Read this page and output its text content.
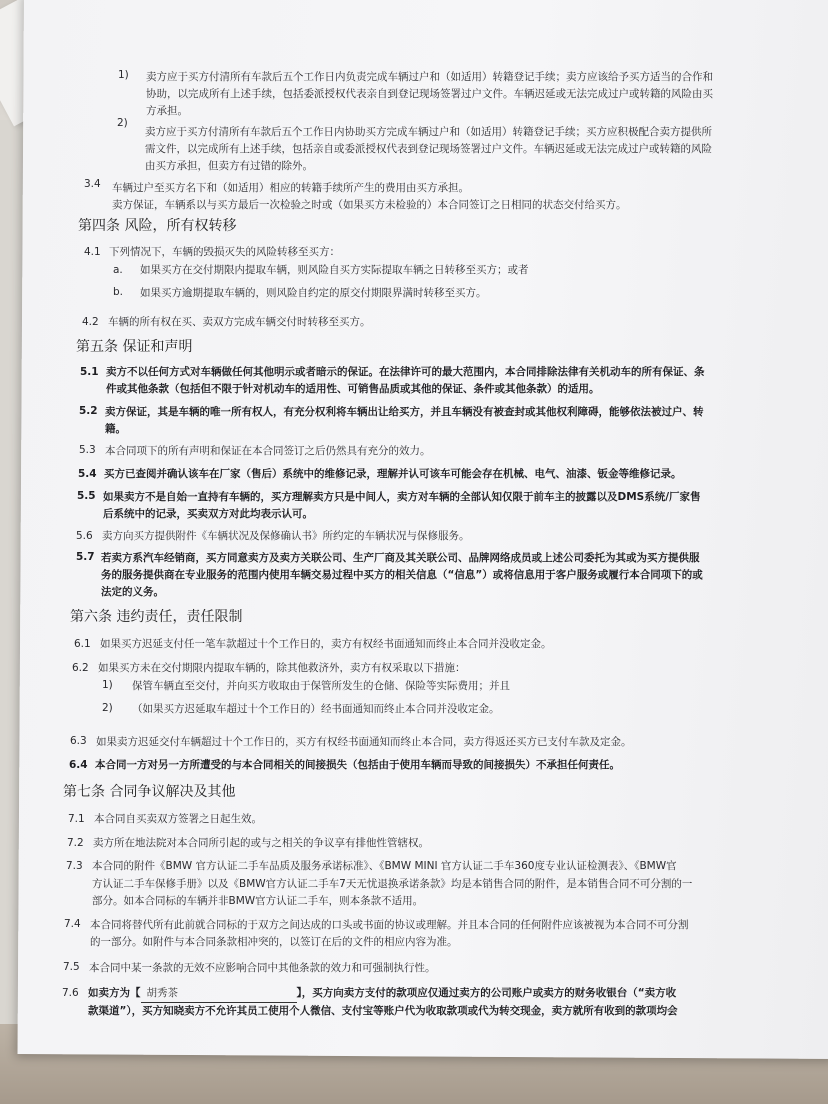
1) 卖方应于买方付清所有车款后五个工作日内负责完成车辆过户和（如适用）转籍登记手续；卖方应该给予买方适当的合作和
协助，以完成所有上述手续，包括委派授权代表亲自到登记现场签署过户文件。车辆迟延或无法完成过户或转籍的风险由买
方承担。
2)
卖方应于买方付清所有车款后五个工作日内协助买方完成车辆过户和（如适用）转籍登记手续；买方应积极配合卖方提供所
需文件，以完成所有上述手续，包括亲自或委派授权代表到登记现场签署过户文件。车辆迟延或无法完成过户或转籍的风险
由买方承担，但卖方有过错的除外。
3.4 车辆过户至买方名下和（如适用）相应的转籍手续所产生的费用由买方承担。
卖方保证，车辆系以与买方最后一次检验之时或（如果买方未检验的）本合同签订之日相同的状态交付给买方。
第四条 风险，所有权转移
4.1 下列情况下，车辆的毁损灭失的风险转移至买方：
a. 如果买方在交付期限内提取车辆，则风险自买方实际提取车辆之日转移至买方；或者
b. 如果买方逾期提取车辆的，则风险自约定的原交付期限界满时转移至买方。
4.2 车辆的所有权在买、卖双方完成车辆交付时转移至买方。
第五条 保证和声明
5.1 卖方不以任何方式对车辆做任何其他明示或者暗示的保证。在法律许可的最大范围内，本合同排除法律有关机动车的所有保证、条
件或其他条款（包括但不限于针对机动车的适用性、可销售品质或其他的保证、条件或其他条款）的适用。
5.2 卖方保证，其是车辆的唯一所有权人，有充分权利将车辆出让给买方，并且车辆没有被查封或其他权利障碍，能够依法被过户、转
籍。
5.3 本合同项下的所有声明和保证在本合同签订之后仍然具有充分的效力。
5.4 买方已查阅并确认该车在厂家（售后）系统中的维修记录，理解并认可该车可能会存在机械、电气、油漆、钣金等维修记录。
5.5 如果卖方不是自始一直持有车辆的，买方理解卖方只是中间人，卖方对车辆的全部认知仅限于前车主的披露以及DMS系统/厂家售
后系统中的记录，买卖双方对此均表示认可。
5.6 卖方向买方提供附件《车辆状况及保修确认书》所约定的车辆状况与保修服务。
5.7 若卖方系汽车经销商，买方同意卖方及卖方关联公司、生产厂商及其关联公司、品牌网络成员或上述公司委托为其或为买方提供服
务的服务提供商在专业服务的范围内使用车辆交易过程中买方的相关信息（“信息”）或将信息用于客户服务或履行本合同项下的或
法定的义务。
第六条 违约责任，责任限制
6.1 如果买方迟延支付任一笔车款超过十个工作日的，卖方有权经书面通知而终止本合同并没收定金。
6.2 如果买方未在交付期限内提取车辆的，除其他救济外，卖方有权采取以下措施：
1) 保管车辆直至交付，并向买方收取由于保管所发生的仓储、保险等实际费用；并且
2) （如果买方迟延取车超过十个工作日的）经书面通知而终止本合同并没收定金。
6.3 如果卖方迟延交付车辆超过十个工作日的，买方有权经书面通知而终止本合同，卖方得返还买方已支付车款及定金。
6.4 本合同一方对另一方所遭受的与本合同相关的间接损失（包括由于使用车辆而导致的间接损失）不承担任何责任。
第七条 合同争议解决及其他
7.1 本合同自买卖双方签署之日起生效。
7.2 卖方所在地法院对本合同所引起的或与之相关的争议享有排他性管辖权。
7.3 本合同的附件《BMW 官方认证二手车品质及服务承诺标准》、《BMW MINI 官方认证二手车360度专业认证检测表》、《BMW官
方认证二手车保修手册》以及《BMW官方认证二手车7天无忧退换承诺条款》均是本销售合同的附件，是本销售合同不可分割的一
部分。如本合同标的车辆并非BMW官方认证二手车，则本条款不适用。
7.4 本合同将替代所有此前就合同标的于双方之间达成的口头或书面的协议或理解。并且本合同的任何附件应该被视为本合同不可分割
的一部分。如附件与本合同条款相冲突的，以签订在后的文件的相应内容为准。
7.5 本合同中某一条款的无效不应影响合同中其他条款的效力和可强制执行性。
7.6 如卖方为【 胡秀茶	】，买方向卖方支付的款项应仅通过卖方的公司账户或卖方的财务收银台（“卖方收
款渠道”），买方知晓卖方不允许其员工使用个人微信、支付宝等账户代为收取款项或代为转交现金，卖方就所有收到的款项均会
